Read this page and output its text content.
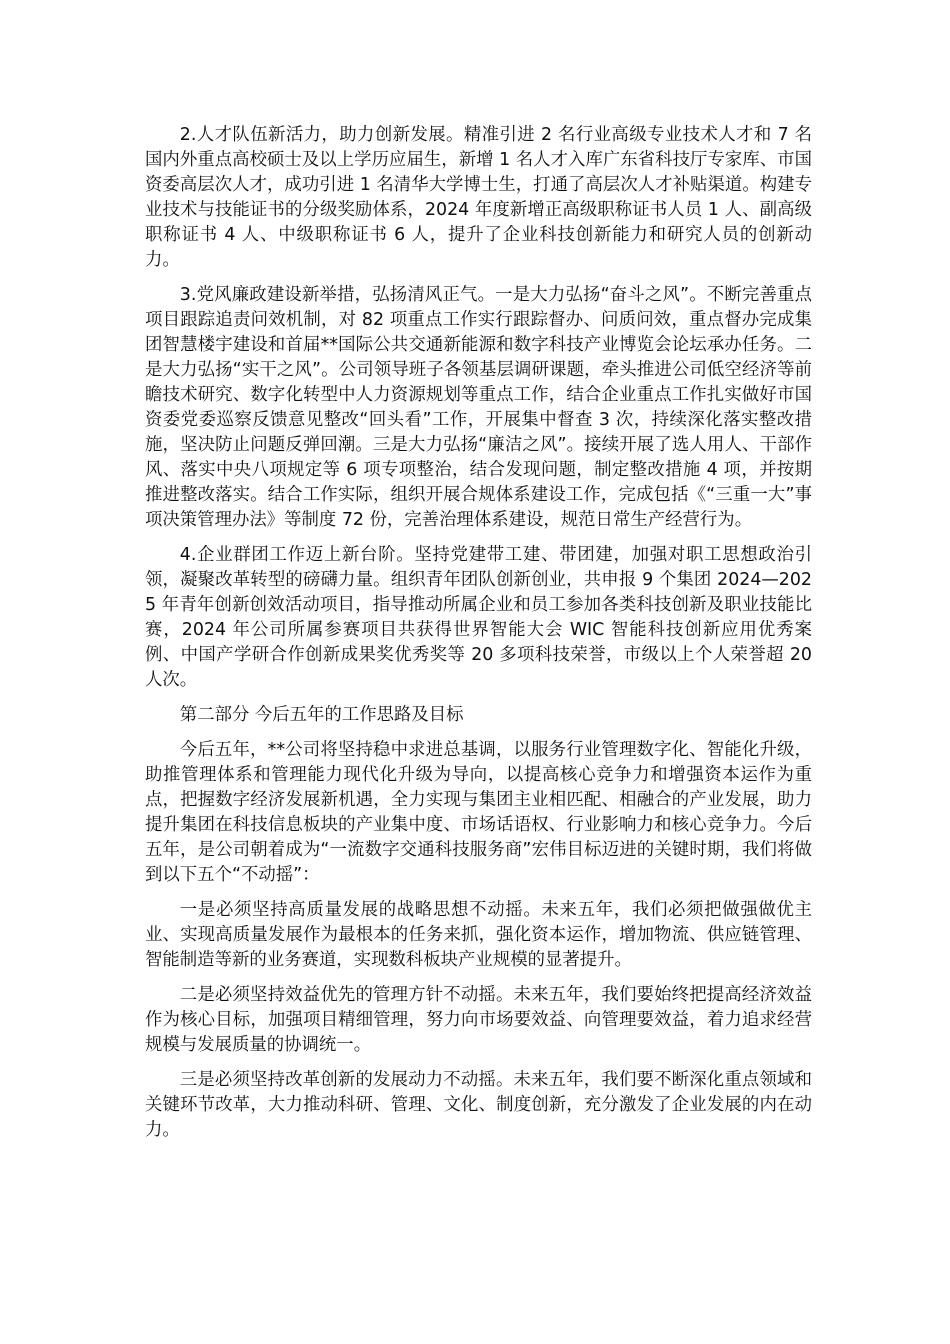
2.人才队伍新活力，助力创新发展。精准引进 2 名行业高级专业技术人才和 7 名国内外重点高校硕士及以上学历应届生，新增 1 名人才入库广东省科技厅专家库、市国资委高层次人才，成功引进 1 名清华大学博士生，打通了高层次人才补贴渠道。构建专业技术与技能证书的分级奖励体系，2024 年度新增正高级职称证书人员 1 人、副高级职称证书 4 人、中级职称证书 6 人，提升了企业科技创新能力和研究人员的创新动力。

3.党风廉政建设新举措，弘扬清风正气。一是大力弘扬“奋斗之风”。不断完善重点项目跟踪追责问效机制，对 82 项重点工作实行跟踪督办、问质问效，重点督办完成集团智慧楼宇建设和首届**国际公共交通新能源和数字科技产业博览会论坛承办任务。二是大力弘扬“实干之风”。公司领导班子各领基层调研课题，牵头推进公司低空经济等前瞻技术研究、数字化转型中人力资源规划等重点工作，结合企业重点工作扎实做好市国资委党委巡察反馈意见整改“回头看”工作，开展集中督查 3 次，持续深化落实整改措施，坚决防止问题反弹回潮。三是大力弘扬“廉洁之风”。接续开展了选人用人、干部作风、落实中央八项规定等 6 项专项整治，结合发现问题，制定整改措施 4 项，并按期推进整改落实。结合工作实际，组织开展合规体系建设工作，完成包括《“三重一大”事项决策管理办法》等制度 72 份，完善治理体系建设，规范日常生产经营行为。

4.企业群团工作迈上新台阶。坚持党建带工建、带团建，加强对职工思想政治引领，凝聚改革转型的磅礴力量。组织青年团队创新创业，共申报 9 个集团 2024—2025 年青年创新创效活动项目，指导推动所属企业和员工参加各类科技创新及职业技能比赛，2024 年公司所属参赛项目共获得世界智能大会 WIC 智能科技创新应用优秀案例、中国产学研合作创新成果奖优秀奖等 20 多项科技荣誉，市级以上个人荣誉超 20 人次。

第二部分 今后五年的工作思路及目标

今后五年，**公司将坚持稳中求进总基调，以服务行业管理数字化、智能化升级，助推管理体系和管理能力现代化升级为导向，以提高核心竞争力和增强资本运作为重点，把握数字经济发展新机遇，全力实现与集团主业相匹配、相融合的产业发展，助力提升集团在科技信息板块的产业集中度、市场话语权、行业影响力和核心竞争力。今后五年，是公司朝着成为“一流数字交通科技服务商”宏伟目标迈进的关键时期，我们将做到以下五个“不动摇”：

一是必须坚持高质量发展的战略思想不动摇。未来五年，我们必须把做强做优主业、实现高质量发展作为最根本的任务来抓，强化资本运作，增加物流、供应链管理、智能制造等新的业务赛道，实现数科板块产业规模的显著提升。

二是必须坚持效益优先的管理方针不动摇。未来五年，我们要始终把提高经济效益作为核心目标，加强项目精细管理，努力向市场要效益、向管理要效益，着力追求经营规模与发展质量的协调统一。

三是必须坚持改革创新的发展动力不动摇。未来五年，我们要不断深化重点领域和关键环节改革，大力推动科研、管理、文化、制度创新，充分激发了企业发展的内在动力。
